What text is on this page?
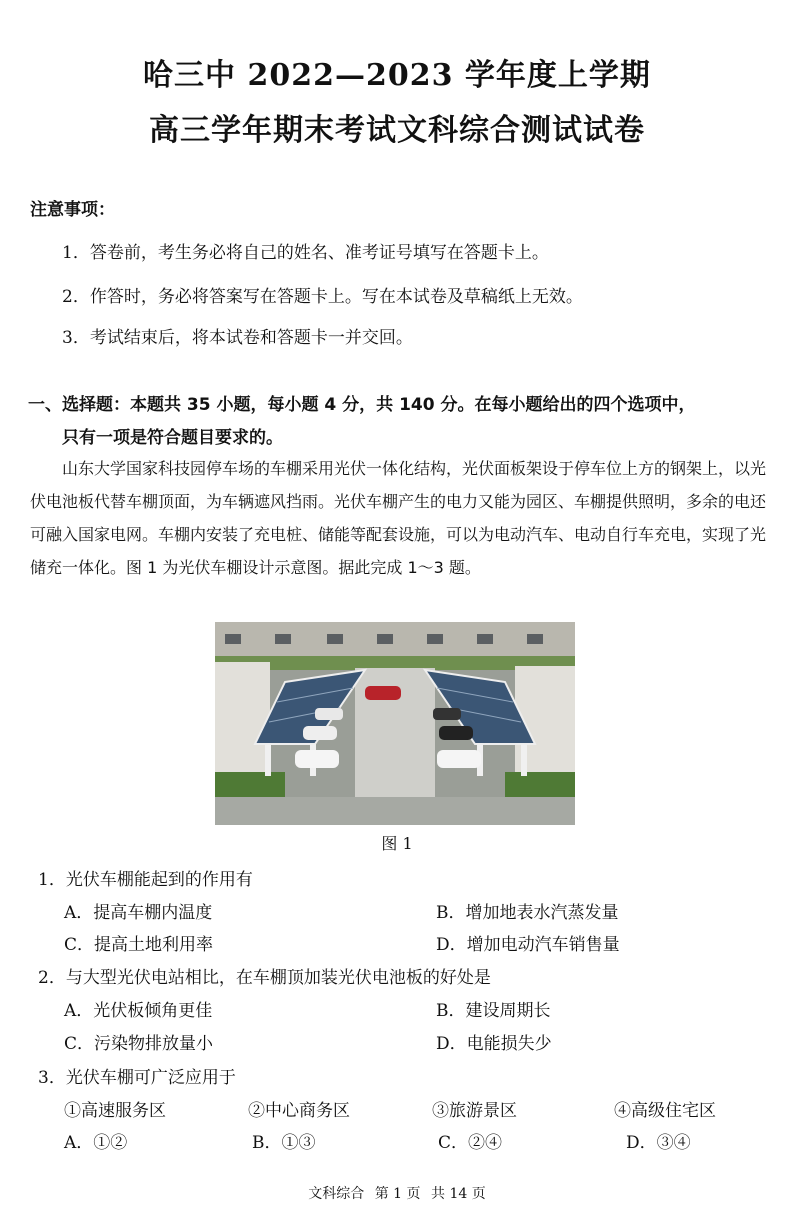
哈三中 2022—2023 学年度上学期
高三学年期末考试文科综合测试试卷
注意事项：
1．答卷前，考生务必将自己的姓名、准考证号填写在答题卡上。
2．作答时，务必将答案写在答题卡上。写在本试卷及草稿纸上无效。
3．考试结束后，将本试卷和答题卡一并交回。
一、选择题：本题共 35 小题，每小题 4 分，共 140 分。在每小题给出的四个选项中，
只有一项是符合题目要求的。
山东大学国家科技园停车场的车棚采用光伏一体化结构，光伏面板架设于停车位上方的钢架上，以光伏电池板代替车棚顶面，为车辆遮风挡雨。光伏车棚产生的电力又能为园区、车棚提供照明，多余的电还可融入国家电网。车棚内安装了充电桩、储能等配套设施，可以为电动汽车、电动自行车充电，实现了光储充一体化。图 1 为光伏车棚设计示意图。据此完成 1～3 题。
图 1
1．光伏车棚能起到的作用有
A．提高车棚内温度	B．增加地表水汽蒸发量
C．提高土地利用率	D．增加电动汽车销售量
2．与大型光伏电站相比，在车棚顶加装光伏电池板的好处是
A．光伏板倾角更佳	B．建设周期长
C．污染物排放量小	D．电能损失少
3．光伏车棚可广泛应用于
①高速服务区	②中心商务区	③旅游景区	④高级住宅区
A．①②	B．①③	C．②④	D．③④
文科综合 第 1 页 共 14 页
